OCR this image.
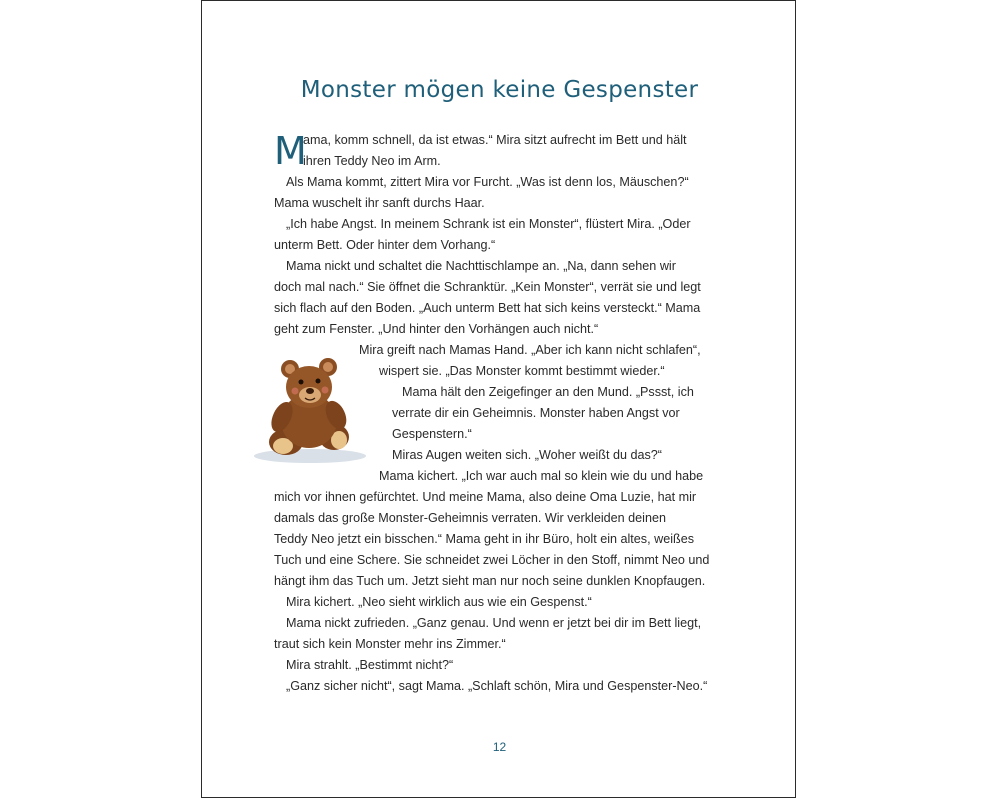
Monster mögen keine Gespenster
M
ama, komm schnell, da ist etwas.“ Mira sitzt aufrecht im Bett und hält
ihren Teddy Neo im Arm.
Als Mama kommt, zittert Mira vor Furcht. „Was ist denn los, Mäuschen?“
Mama wuschelt ihr sanft durchs Haar.
„Ich habe Angst. In meinem Schrank ist ein Monster“, flüstert Mira. „Oder
unterm Bett. Oder hinter dem Vorhang.“
Mama nickt und schaltet die Nachttischlampe an. „Na, dann sehen wir
doch mal nach.“ Sie öffnet die Schranktür. „Kein Monster“, verrät sie und legt
sich flach auf den Boden. „Auch unterm Bett hat sich keins versteckt.“ Mama
geht zum Fenster. „Und hinter den Vorhängen auch nicht.“
Mira greift nach Mamas Hand. „Aber ich kann nicht schlafen“,
wispert sie. „Das Monster kommt bestimmt wieder.“
Mama hält den Zeigefinger an den Mund. „Pssst, ich
verrate dir ein Geheimnis. Monster haben Angst vor
Gespenstern.“
Miras Augen weiten sich. „Woher weißt du das?“
Mama kichert. „Ich war auch mal so klein wie du und habe
mich vor ihnen gefürchtet. Und meine Mama, also deine Oma Luzie, hat mir
damals das große Monster-Geheimnis verraten. Wir verkleiden deinen
Teddy Neo jetzt ein bisschen.“ Mama geht in ihr Büro, holt ein altes, weißes
Tuch und eine Schere. Sie schneidet zwei Löcher in den Stoff, nimmt Neo und
hängt ihm das Tuch um. Jetzt sieht man nur noch seine dunklen Knopfaugen.
Mira kichert. „Neo sieht wirklich aus wie ein Gespenst.“
Mama nickt zufrieden. „Ganz genau. Und wenn er jetzt bei dir im Bett liegt,
traut sich kein Monster mehr ins Zimmer.“
Mira strahlt. „Bestimmt nicht?“
„Ganz sicher nicht“, sagt Mama. „Schlaft schön, Mira und Gespenster-Neo.“
12
